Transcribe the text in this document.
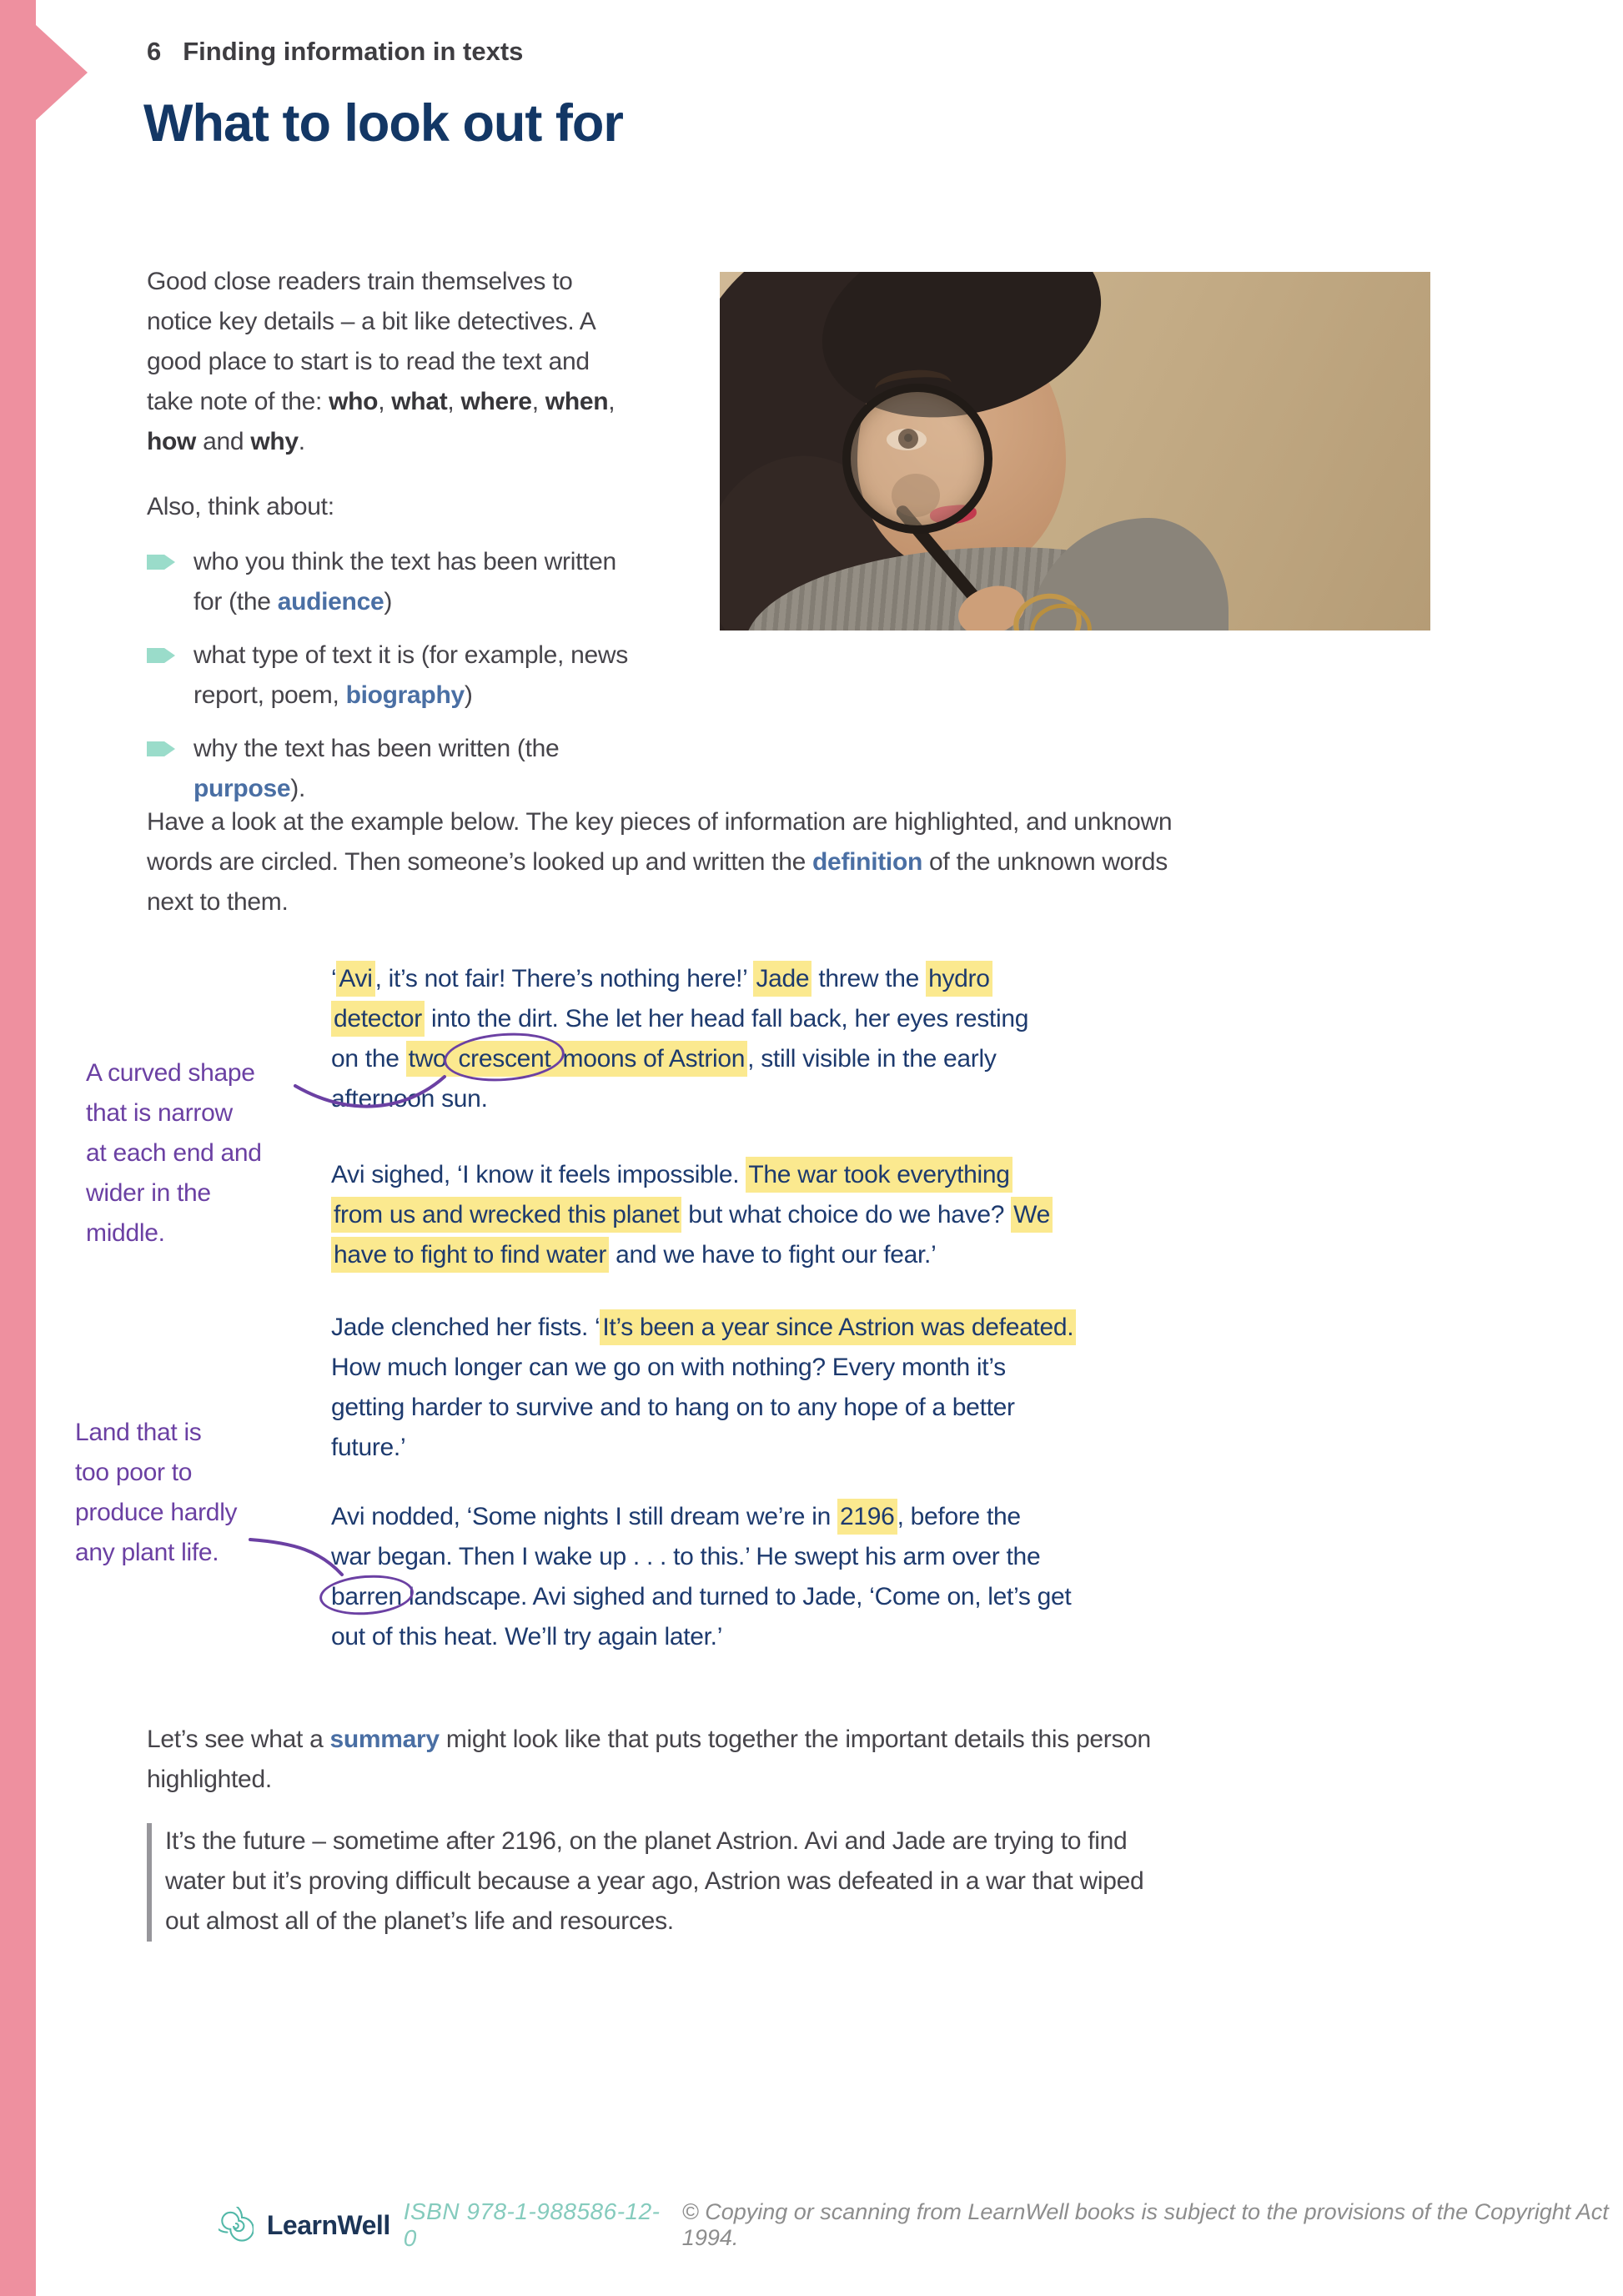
6 Finding information in texts
What to look out for
Good close readers train themselves to
notice key details – a bit like detectives. A
good place to start is to read the text and
take note of the: who, what, where, when,
how and why.
Also, think about:
who you think the text has been written
for (the audience)
what type of text it is (for example, news
report, poem, biography)
why the text has been written (the
purpose).
Have a look at the example below. The key pieces of information are highlighted, and unknown
words are circled. Then someone’s looked up and written the definition of the unknown words
next to them.
‘ Avi , it’s not fair! There’s nothing here!’ Jade threw the hydro
detector into the dirt. She let her head fall back, her eyes resting
on the two crescent moons of Astrion , still visible in the early
afternoon sun.
Avi sighed, ‘I know it feels impossible. The war took everything
from us and wrecked this planet but what choice do we have? We
have to fight to find water and we have to fight our fear.’
Jade clenched her fists. ‘ It’s been a year since Astrion was defeated.
How much longer can we go on with nothing? Every month it’s
getting harder to survive and to hang on to any hope of a better
future.’
Avi nodded, ‘Some nights I still dream we’re in 2196 , before the
war began. Then I wake up . . . to this.’ He swept his arm over the
barren landscape. Avi sighed and turned to Jade, ‘Come on, let’s get
out of this heat. We’ll try again later.’
A curved shape
that is narrow
at each end and
wider in the
middle.
Land that is
too poor to
produce hardly
any plant life.
Let’s see what a summary might look like that puts together the important details this person
highlighted.
It’s the future – sometime after 2196, on the planet Astrion. Avi and Jade are trying to find
water but it’s proving difficult because a year ago, Astrion was defeated in a war that wiped
out almost all of the planet’s life and resources.
LearnWell ISBN 978-1-988586-12-0
© Copying or scanning from LearnWell books is subject to the provisions of the Copyright Act 1994.
